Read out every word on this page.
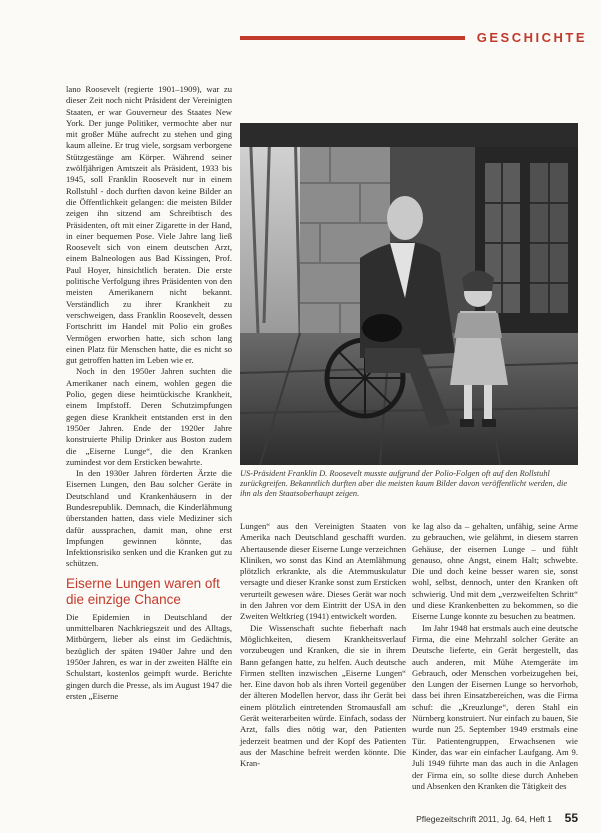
GESCHICHTE

lano Roosevelt (regierte 1901–1909), war zu dieser Zeit noch nicht Präsident der Vereinigten Staaten, er war Gouverneur des Staates New York. Der junge Politiker, vermochte aber nur mit großer Mühe aufrecht zu stehen und ging kaum alleine. Er trug viele, sorgsam verborgene Stützgestänge am Körper. Während seiner zwölfjährigen Amtszeit als Präsident, 1933 bis 1945, soll Franklin Roosevelt nur in einem Rollstuhl - doch durften davon keine Bilder an die Öffentlichkeit gelangen: die meisten Bilder zeigen ihn sitzend am Schreibtisch des Präsidenten, oft mit einer Zigarette in der Hand, in einer bequemen Pose. Viele Jahre lang ließ Roosevelt sich von einem deutschen Arzt, einem Balneologen aus Bad Kissingen, Prof. Paul Hoyer, hinsichtlich beraten. Die erste politische Verfolgung ihres Präsidenten von den meisten Amerikanern nicht bekannt. Verständlich zu ihrer Krankheit zu verschweigen, dass Franklin Roosevelt, dessen Fortschritt im Handel mit Polio ein großes Vermögen erworben hatte, sich schon lang einen Platz für Menschen hatte, die es nicht so gut getroffen hatten im Leben wie er.

Noch in den 1950er Jahren suchten die Amerikaner nach einem, wohlen gegen die Polio, gegen diese heimtückische Krankheit, einem Impfstoff. Deren Schutzimpfungen gegen diese Krankheit entstanden erst in den 1950er Jahren. Ende der 1920er Jahre konstruierte Philip Drinker aus Boston zudem die „Eiserne Lunge“, die den Kranken zumindest vor dem Ersticken bewahrte.

In den 1930er Jahren förderten Ärzte die Eisernen Lungen, den Bau solcher Geräte in Deutschland und Krankenhäusern in der Bundesrepublik. Demnach, die Kinderlähmung überstanden hatten, dass viele Mediziner sich dafür aussprachen, damit man, ohne erst Impfungen gewinnen könnte, das Infektionsrisiko senken und die Kranken gut zu schützen.

Eiserne Lungen waren oft die einzige Chance

Die Epidemien in Deutschland der unmittelbaren Nachkriegszeit und des Alltags, Mitbürgern, lieber als einst im Gedächtnis, bezüglich der späten 1940er Jahre und den 1950er Jahren, es war in der zweiten Hälfte ein Schulstart, kostenlos geimpft wurde. Berichte gingen durch die Presse, als im August 1947 die ersten „Eiserne

US-Präsident Franklin D. Roosevelt musste aufgrund der Polio-Folgen oft auf den Rollstuhl zurückgreifen. Bekanntlich durften aber die meisten kaum Bilder davon veröffentlicht werden, die ihn als den Staatsoberhaupt zeigen.

Lungen“ aus den Vereinigten Staaten von Amerika nach Deutschland geschafft wurden. Abertausende dieser Eiserne Lunge verzeichnen Kliniken, wo sonst das Kind an Atemlähmung plötzlich erkrankte, als die Atemmuskulatur versagte und dieser Kranke sonst zum Ersticken verurteilt gewesen wäre. Dieses Gerät war noch in den Jahren vor dem Eintritt der USA in den Zweiten Weltkrieg (1941) entwickelt worden.

Die Wissenschaft suchte fieberhaft nach Möglichkeiten, diesem Krankheitsverlauf vorzubeugen und Kranken, die sie in ihrem Bann gefangen hatte, zu helfen. Auch deutsche Firmen stellten inzwischen „Eiserne Lungen“ her. Eine davon hob als ihren Vorteil gegenüber der älteren Modellen hervor, dass ihr Gerät bei einem plötzlich eintretenden Stromausfall am Gerät weiterarbeiten würde. Einfach, sodass der Arzt, falls dies nötig war, den Patienten jederzeit beatmen und der Kopf des Patienten aus der Maschine befreit werden könnte. Die Kran-

ke lag also da – gehalten, unfähig, seine Arme zu gebrauchen, wie gelähmt, in diesem starren Gehäuse, der eisernen Lunge – und fühlt genauso, ohne Angst, einem Halt; schwebte. Die und doch keine besser waren sie, sonst wohl, selbst, dennoch, unter den Kranken oft schwierig. Und mit dem „verzweifelten Schritt“ und diese Krankenbetten zu bekommen, so die Eiserne Lunge konnte zu besuchen zu beatmen.

Im Jahr 1948 hat erstmals auch eine deutsche Firma, die eine Mehrzahl solcher Geräte an Deutsche lieferte, ein Gerät hergestellt, das auch anderen, mit Mühe Atemgeräte im Gebrauch, oder Menschen vorbeizugehen bei, den Lungen der Eisernen Lunge so hervorhob, dass bei ihren Einsatzbereichen, was die Firma schuf: die „Kreuzlunge“, deren Stahl ein Nürnberg konstruiert. Nur einfach zu bauen, Sie wurde nun 25. September 1949 erstmals eine Tür. Patientengruppen, Erwachsenen wie Kinder, das war ein einfacher Laufgang. Am 9. Juli 1949 führte man das auch in die Anlagen der Firma ein, so sollte diese durch Anheben und Absenken den Kranken die Tätigkeit des

Pflegezeitschrift 2011, Jg. 64, Heft 1 55
